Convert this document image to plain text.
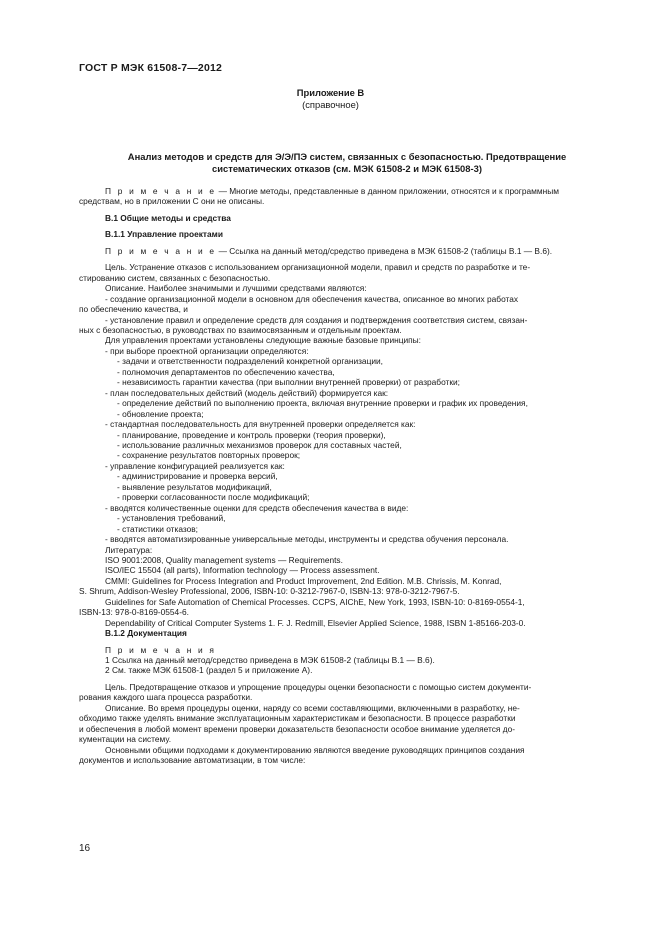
ГОСТ Р МЭК 61508-7—2012
Приложение В
(справочное)
Анализ методов и средств для Э/Э/ПЭ систем, связанных с безопасностью. Предотвращение
систематических отказов (см. МЭК 61508-2 и МЭК 61508-3)
П р и м е ч а н и е — Многие методы, представленные в данном приложении, относятся и к программным
средствам, но в приложении С они не описаны.
В.1 Общие методы и средства
В.1.1 Управление проектами
П р и м е ч а н и е — Ссылка на данный метод/средство приведена в МЭК 61508-2 (таблицы В.1 — В.6).
Цель. Устранение отказов с использованием организационной модели, правил и средств по разработке и те-
стированию систем, связанных с безопасностью.
Описание. Наиболее значимыми и лучшими средствами являются:
- создание организационной модели в основном для обеспечения качества, описанное во многих работах
по обеспечению качества, и
- установление правил и определение средств для создания и подтверждения соответствия систем, связан-
ных с безопасностью, в руководствах по взаимосвязанным и отдельным проектам.
Для управления проектами установлены следующие важные базовые принципы:
- при выборе проектной организации определяются:
- задачи и ответственности подразделений конкретной организации,
- полномочия департаментов по обеспечению качества,
- независимость гарантии качества (при выполнии внутренней проверки) от разработки;
- план последовательных действий (модель действий) формируется как:
- определение действий по выполнению проекта, включая внутренние проверки и график их проведения,
- обновление проекта;
- стандартная последовательность для внутренней проверки определяется как:
- планирование, проведение и контроль проверки (теория проверки),
- использование различных механизмов проверок для составных частей,
- сохранение результатов повторных проверок;
- управление конфигурацией реализуется как:
- администрирование и проверка версий,
- выявление результатов модификаций,
- проверки согласованности после модификаций;
- вводятся количественные оценки для средств обеспечения качества в виде:
- установления требований,
- статистики отказов;
- вводятся автоматизированные универсальные методы, инструменты и средства обучения персонала.
Литература:
ISO 9001:2008, Quality management systems — Requirements.
ISO/IEC 15504 (all parts), Information technology — Process assessment.
CMMI: Guidelines for Process Integration and Product Improvement, 2nd Edition. M.B. Chrissis, M. Konrad,
S. Shrum, Addison-Wesley Professional, 2006, ISBN-10: 0-3212-7967-0, ISBN-13: 978-0-3212-7967-5.
Guidelines for Safe Automation of Chemical Processes. CCPS, AIChE, New York, 1993, ISBN-10: 0-8169-0554-1,
ISBN-13: 978-0-8169-0554-6.
Dependability of Critical Computer Systems 1. F. J. Redmill, Elsevier Applied Science, 1988, ISBN 1-85166-203-0.
В.1.2 Документация
П р и м е ч а н и я
1 Ссылка на данный метод/средство приведена в МЭК 61508-2 (таблицы В.1 — В.6).
2 См. также МЭК 61508-1 (раздел 5 и приложение А).
Цель. Предотвращение отказов и упрощение процедуры оценки безопасности с помощью систем документи-
рования каждого шага процесса разработки.
Описание. Во время процедуры оценки, наряду со всеми составляющими, включенными в разработку, не-
обходимо также уделять внимание эксплуатационным характеристикам и безопасности. В процессе разработки
и обеспечения в любой момент времени проверки доказательств безопасности особое внимание уделяется до-
кументации на систему.
Основными общими подходами к документированию являются введение руководящих принципов создания
документов и использование автоматизации, в том числе:
16
